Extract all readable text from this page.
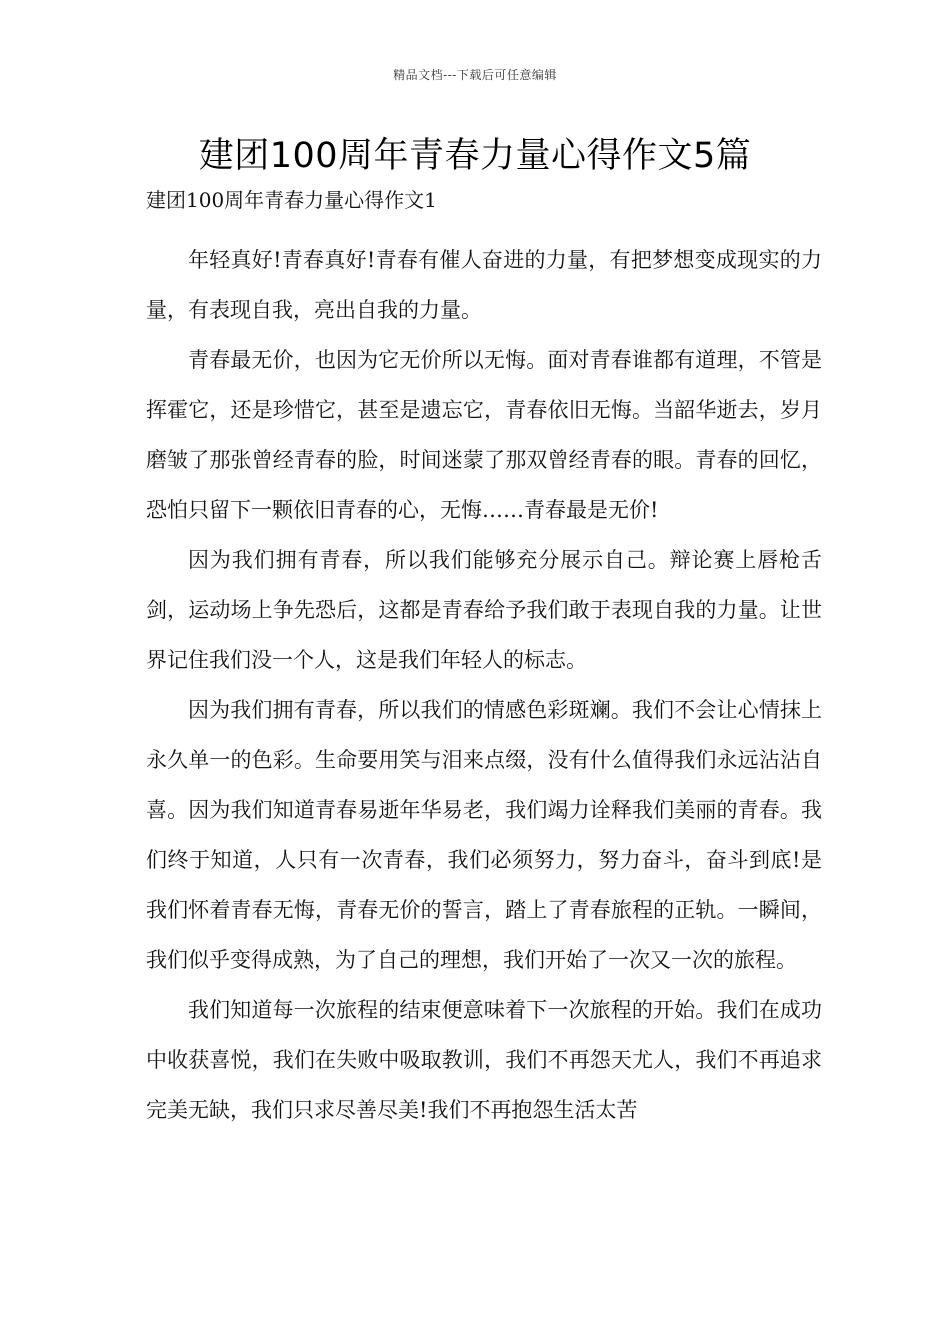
精品文档---下载后可任意编辑
建团100周年青春力量心得作文5篇
建团100周年青春力量心得作文1

年轻真好!青春真好!青春有催人奋进的力量，有把梦想变成现实的力量，有表现自我，亮出自我的力量。

青春最无价，也因为它无价所以无悔。面对青春谁都有道理，不管是挥霍它，还是珍惜它，甚至是遗忘它，青春依旧无悔。当韶华逝去，岁月磨皱了那张曾经青春的脸，时间迷蒙了那双曾经青春的眼。青春的回忆，恐怕只留下一颗依旧青春的心，无悔……青春最是无价!

因为我们拥有青春，所以我们能够充分展示自己。辩论赛上唇枪舌剑，运动场上争先恐后，这都是青春给予我们敢于表现自我的力量。让世界记住我们没一个人，这是我们年轻人的标志。

因为我们拥有青春，所以我们的情感色彩斑斓。我们不会让心情抹上永久单一的色彩。生命要用笑与泪来点缀，没有什么值得我们永远沾沾自喜。因为我们知道青春易逝年华易老，我们竭力诠释我们美丽的青春。我们终于知道，人只有一次青春，我们必须努力，努力奋斗，奋斗到底!是我们怀着青春无悔，青春无价的誓言，踏上了青春旅程的正轨。一瞬间，我们似乎变得成熟，为了自己的理想，我们开始了一次又一次的旅程。

我们知道每一次旅程的结束便意味着下一次旅程的开始。我们在成功中收获喜悦，我们在失败中吸取教训，我们不再怨天尤人，我们不再追求完美无缺，我们只求尽善尽美!我们不再抱怨生活太苦
